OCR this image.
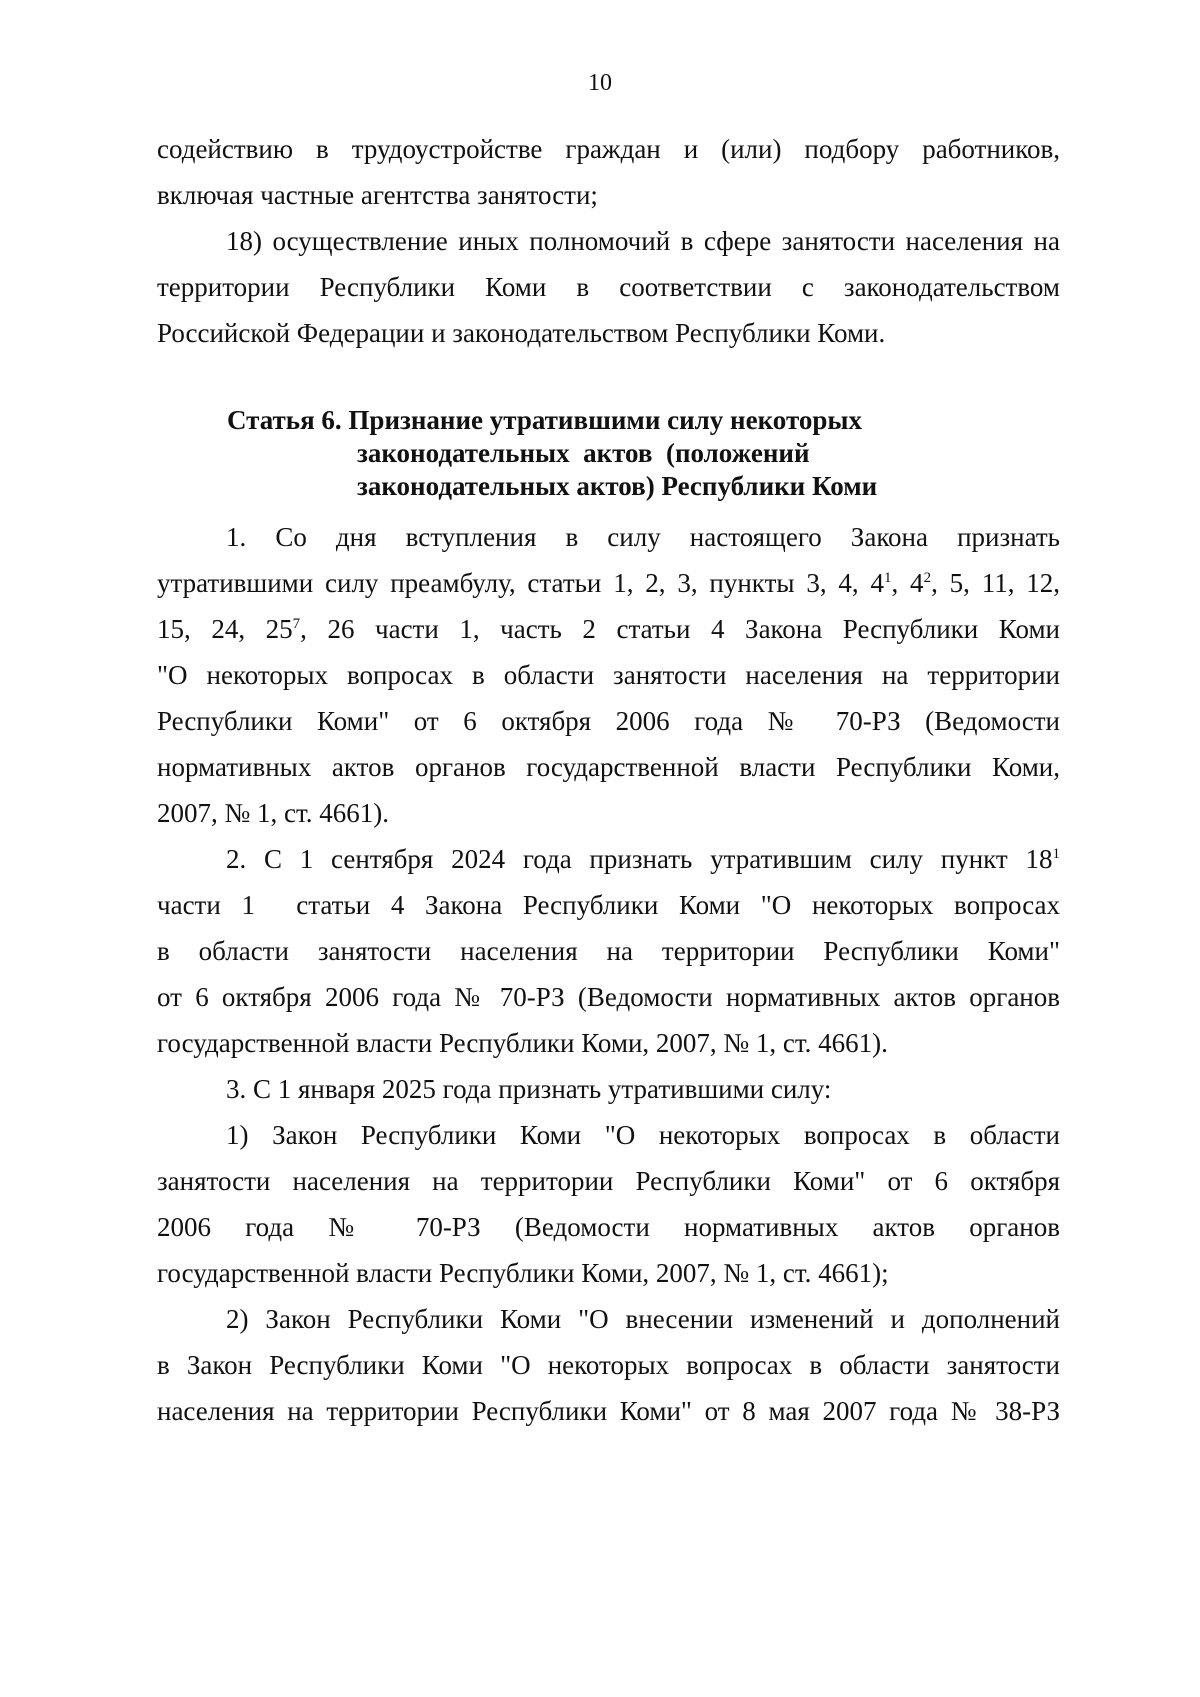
10
содействию в трудоустройстве граждан и (или) подбору работников,
включая частные агентства занятости;
18) осуществление иных полномочий в сфере занятости населения на
территории Республики Коми в соответствии с законодательством
Российской Федерации и законодательством Республики Коми.
Статья 6. Признание утратившими силу некоторых
законодательных  актов  (положений
законодательных актов) Республики Коми
1. Со дня вступления в силу настоящего Закона признать
утратившими силу преамбулу, статьи 1, 2, 3, пункты 3, 4, $4^1$, $4^2$, 5, 11, 12,
15, 24, $25^7$, 26 части 1, часть 2 статьи 4 Закона Республики Коми
"О некоторых вопросах в области занятости населения на территории
Республики Коми" от 6 октября 2006 года № 70-РЗ (Ведомости
нормативных актов органов государственной власти Республики Коми,
2007, № 1, ст. 4661).
2. С 1 сентября 2024 года признать утратившим силу пункт $18^1$
части 1  статьи 4 Закона Республики Коми "О некоторых вопросах
в области занятости населения на территории Республики Коми"
от 6 октября 2006 года № 70-РЗ (Ведомости нормативных актов органов
государственной власти Республики Коми, 2007, № 1, ст. 4661).
3. С 1 января 2025 года признать утратившими силу:
1) Закон Республики Коми "О некоторых вопросах в области
занятости населения на территории Республики Коми" от 6 октября
2006 года № 70-РЗ (Ведомости нормативных актов органов
государственной власти Республики Коми, 2007, № 1, ст. 4661);
2) Закон Республики Коми "О внесении изменений и дополнений
в Закон Республики Коми "О некоторых вопросах в области занятости
населения на территории Республики Коми" от 8 мая 2007 года № 38-РЗ
